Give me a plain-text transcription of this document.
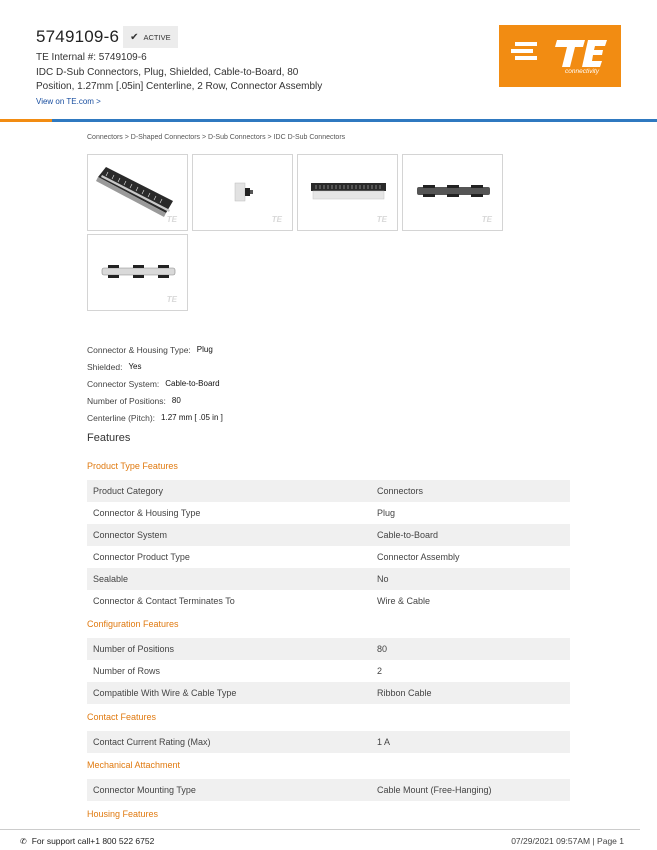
5749109-6 ✔ ACTIVE
TE Internal #: 5749109-6
IDC D-Sub Connectors, Plug, Shielded, Cable-to-Board, 80 Position, 1.27mm [.05in] Centerline, 2 Row, Connector Assembly
View on TE.com >
connectivity
Connectors > D-Shaped Connectors > D-Sub Connectors > IDC D-Sub Connectors
TE	TE	TE	TE
TE
Connector & Housing Type: Plug
Shielded: Yes
Connector System: Cable-to-Board
Number of Positions: 80
Centerline (Pitch): 1.27 mm [ .05 in ]
Features
Product Type Features
Product Category	Connectors
Connector & Housing Type	Plug
Connector System	Cable-to-Board
Connector Product Type	Connector Assembly
Sealable	No
Connector & Contact Terminates To	Wire & Cable
Configuration Features
Number of Positions	80
Number of Rows	2
Compatible With Wire & Cable Type	Ribbon Cable
Contact Features
Contact Current Rating (Max)	1 A
Mechanical Attachment
Connector Mounting Type	Cable Mount (Free-Hanging)
Housing Features
✆ For support call+1 800 522 6752	07/29/2021 09:57AM | Page 1
